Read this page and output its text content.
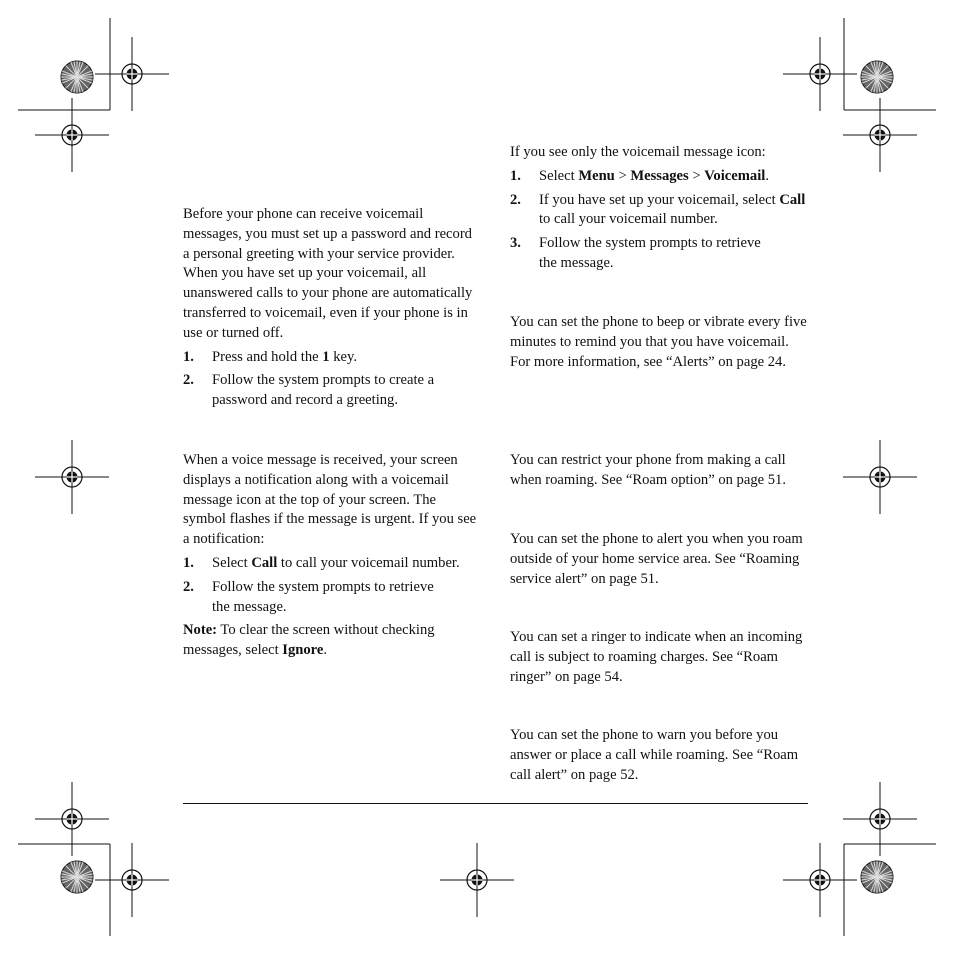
Before your phone can receive voicemail messages, you must set up a password and record a personal greeting with your service provider. When you have set up your voicemail, all unanswered calls to your phone are automatically transferred to voicemail, even if your phone is in use or turned off.

1.	Press and hold the 1 key.
2.	Follow the system prompts to create a password and record a greeting.

When a voice message is received, your screen displays a notification along with a voicemail message icon at the top of your screen. The symbol flashes if the message is urgent. If you see a notification:

1.	Select Call to call your voicemail number.
2.	Follow the system prompts to retrieve the message.

Note: To clear the screen without checking messages, select Ignore.

If you see only the voicemail message icon:

1.	Select Menu > Messages > Voicemail.
2.	If you have set up your voicemail, select Call to call your voicemail number.
3.	Follow the system prompts to retrieve the message.

You can set the phone to beep or vibrate every five minutes to remind you that you have voicemail. For more information, see “Alerts” on page 24.

You can restrict your phone from making a call when roaming. See “Roam option” on page 51.

You can set the phone to alert you when you roam outside of your home service area. See “Roaming service alert” on page 51.

You can set a ringer to indicate when an incoming call is subject to roaming charges. See “Roam ringer” on page 54.

You can set the phone to warn you before you answer or place a call while roaming. See “Roam call alert” on page 52.
